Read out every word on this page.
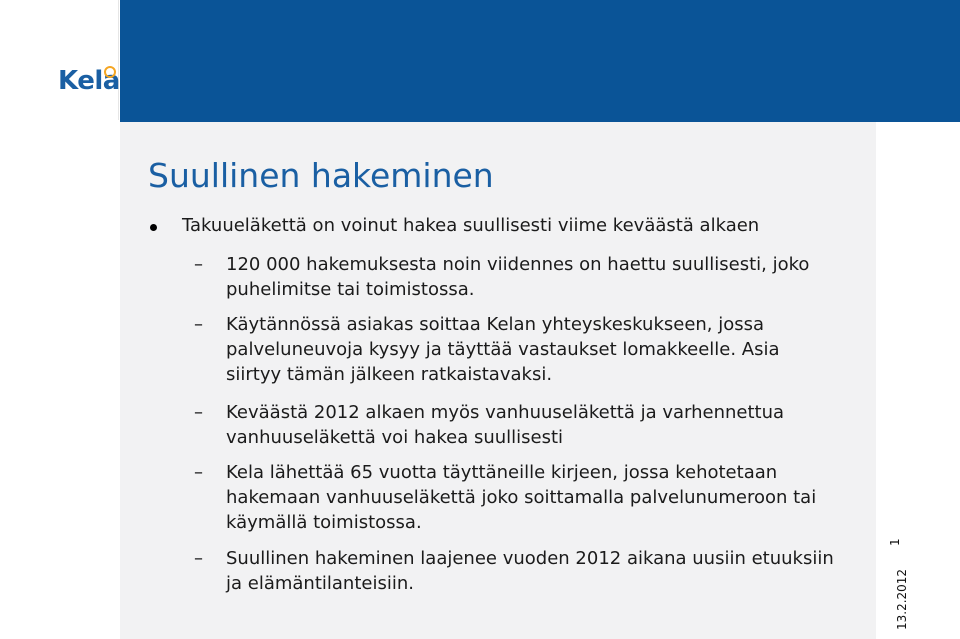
Kela
Suullinen hakeminen
Takuueläkettä on voinut hakea suullisesti viime keväästä alkaen
–	120 000 hakemuksesta noin viidennes on haettu suullisesti, joko puhelimitse tai toimistossa.
–	Käytännössä asiakas soittaa Kelan yhteyskeskukseen, jossa palveluneuvoja kysyy ja täyttää vastaukset lomakkeelle. Asia siirtyy tämän jälkeen ratkaistavaksi.
–	Keväästä 2012 alkaen myös vanhuuseläkettä ja varhennettua vanhuuseläkettä voi hakea suullisesti
–	Kela lähettää 65 vuotta täyttäneille kirjeen, jossa kehotetaan hakemaan vanhuuseläkettä joko soittamalla palvelunumeroon tai käymällä toimistossa.
–	Suullinen hakeminen laajenee vuoden 2012 aikana uusiin etuuksiin ja elämäntilanteisiin.
1
13.2.2012
